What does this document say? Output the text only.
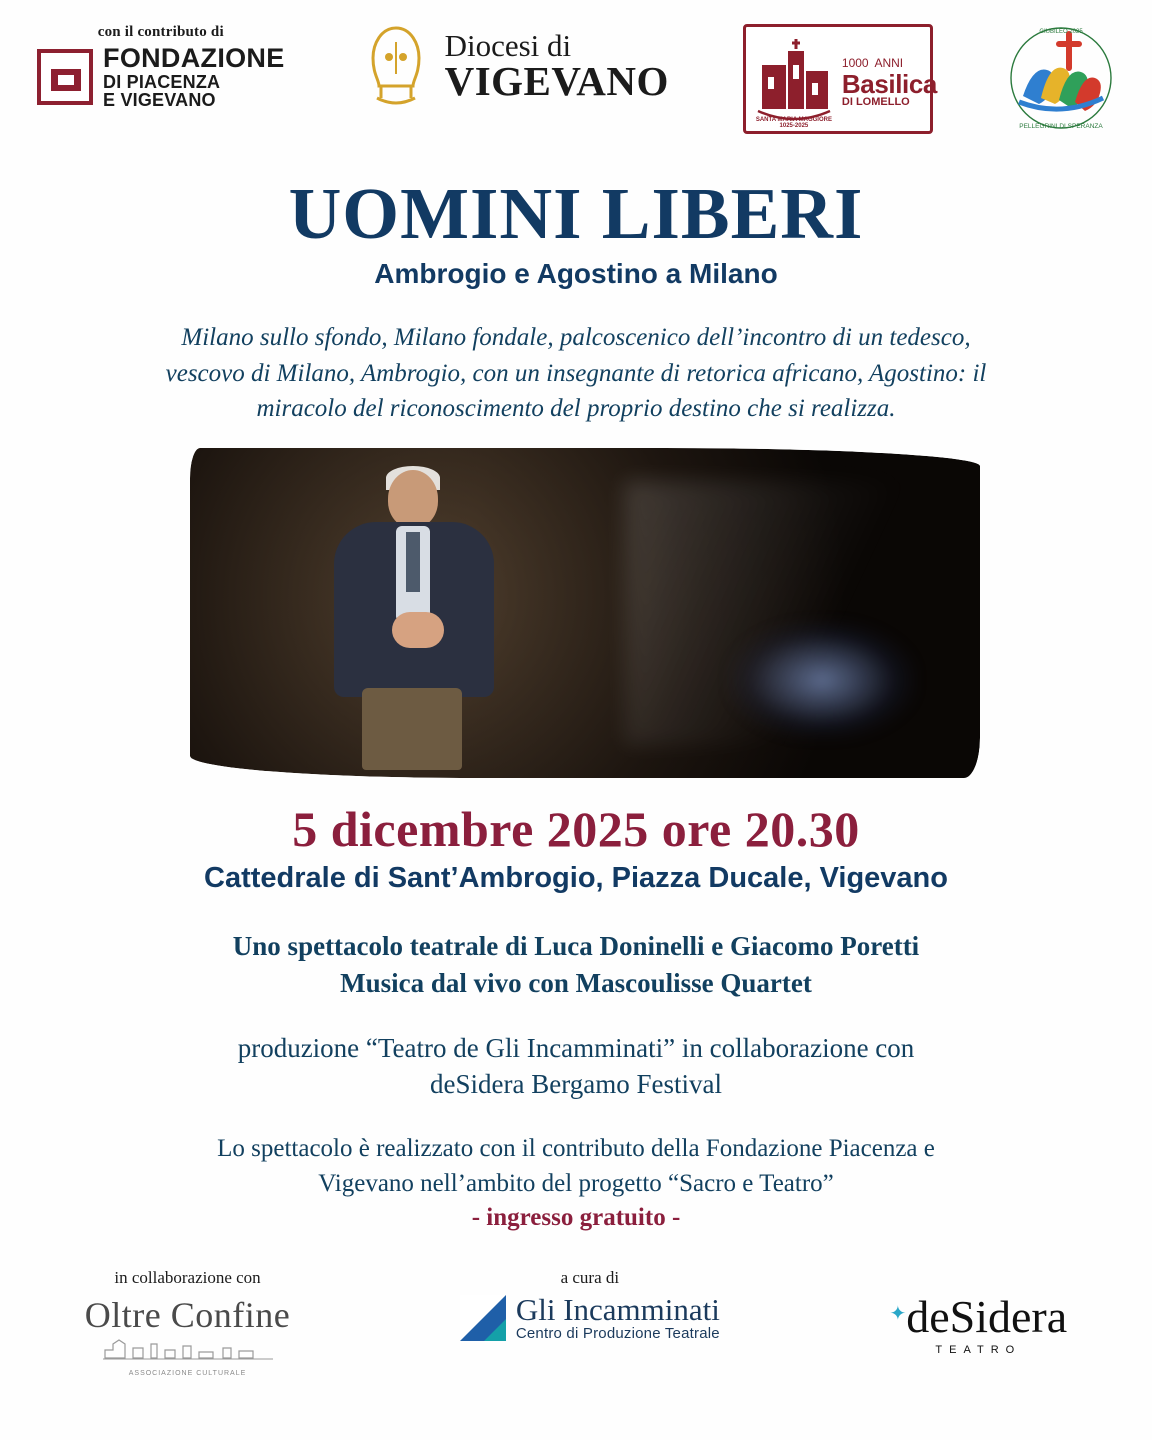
con il contributo di
FONDAZIONE
DI PIACENZA
E VIGEVANO
Diocesi di
VIGEVANO
SANTA MARIA MAGGIORE 1025-2025
1000 ANNI
Basilica
DI LOMELLO
GIUBILEO 2025
PELLEGRINI DI SPERANZA
UOMINI LIBERI
Ambrogio e Agostino a Milano
Milano sullo sfondo, Milano fondale, palcoscenico dell’incontro di un tedesco, vescovo di Milano, Ambrogio, con un insegnante di retorica africano, Agostino: il miracolo del riconoscimento del proprio destino che si realizza.
5 dicembre 2025 ore 20.30
Cattedrale di Sant’Ambrogio, Piazza Ducale, Vigevano
Uno spettacolo teatrale di Luca Doninelli e Giacomo Poretti
Musica dal vivo con Mascoulisse Quartet
produzione “Teatro de Gli Incamminati” in collaborazione con
deSidera Bergamo Festival
Lo spettacolo è realizzato con il contributo della Fondazione Piacenza e
Vigevano nell’ambito del progetto “Sacro e Teatro”
- ingresso gratuito -
in collaborazione con
Oltre Confine
ASSOCIAZIONE CULTURALE
a cura di
Gli Incamminati
Centro di Produzione Teatrale
✦deSidera
TEATRO
